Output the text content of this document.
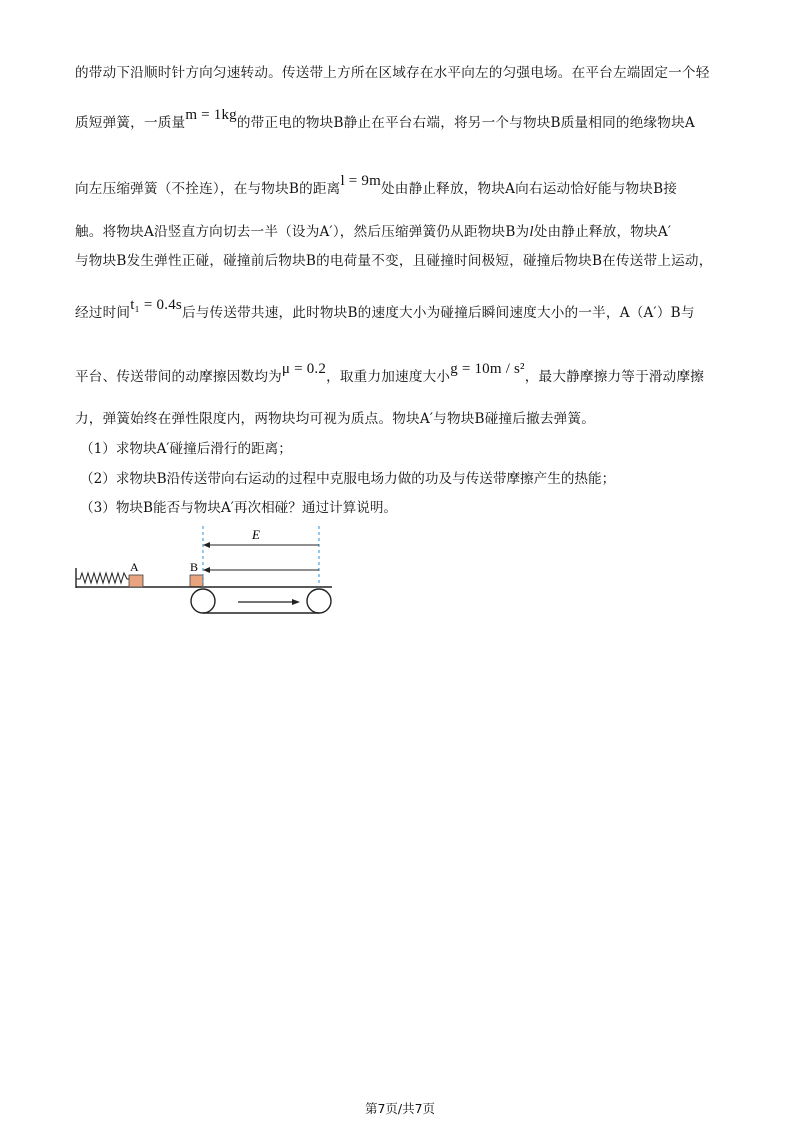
的带动下沿顺时针方向匀速转动。传送带上方所在区域存在水平向左的匀强电场。在平台左端固定一个轻
质短弹簧，一质量m = 1kg的带正电的物块B静止在平台右端，将另一个与物块B质量相同的绝缘物块A
向左压缩弹簧（不拴连），在与物块B的距离l = 9m处由静止释放，物块A向右运动恰好能与物块B接
触。将物块A沿竖直方向切去一半（设为A′），然后压缩弹簧仍从距物块B为l处由静止释放，物块A′
与物块B发生弹性正碰，碰撞前后物块B的电荷量不变，且碰撞时间极短，碰撞后物块B在传送带上运动，
经过时间t₁ = 0.4s后与传送带共速，此时物块B的速度大小为碰撞后瞬间速度大小的一半，A（A′）B与
平台、传送带间的动摩擦因数均为μ = 0.2，取重力加速度大小g = 10m / s²，最大静摩擦力等于滑动摩擦
力，弹簧始终在弹性限度内，两物块均可视为质点。物块A′与物块B碰撞后撤去弹簧。
（1）求物块A′碰撞后滑行的距离；
（2）求物块B沿传送带向右运动的过程中克服电场力做的功及与传送带摩擦产生的热能；
（3）物块B能否与物块A′再次相碰？通过计算说明。
A	B
E
第7页/共7页
